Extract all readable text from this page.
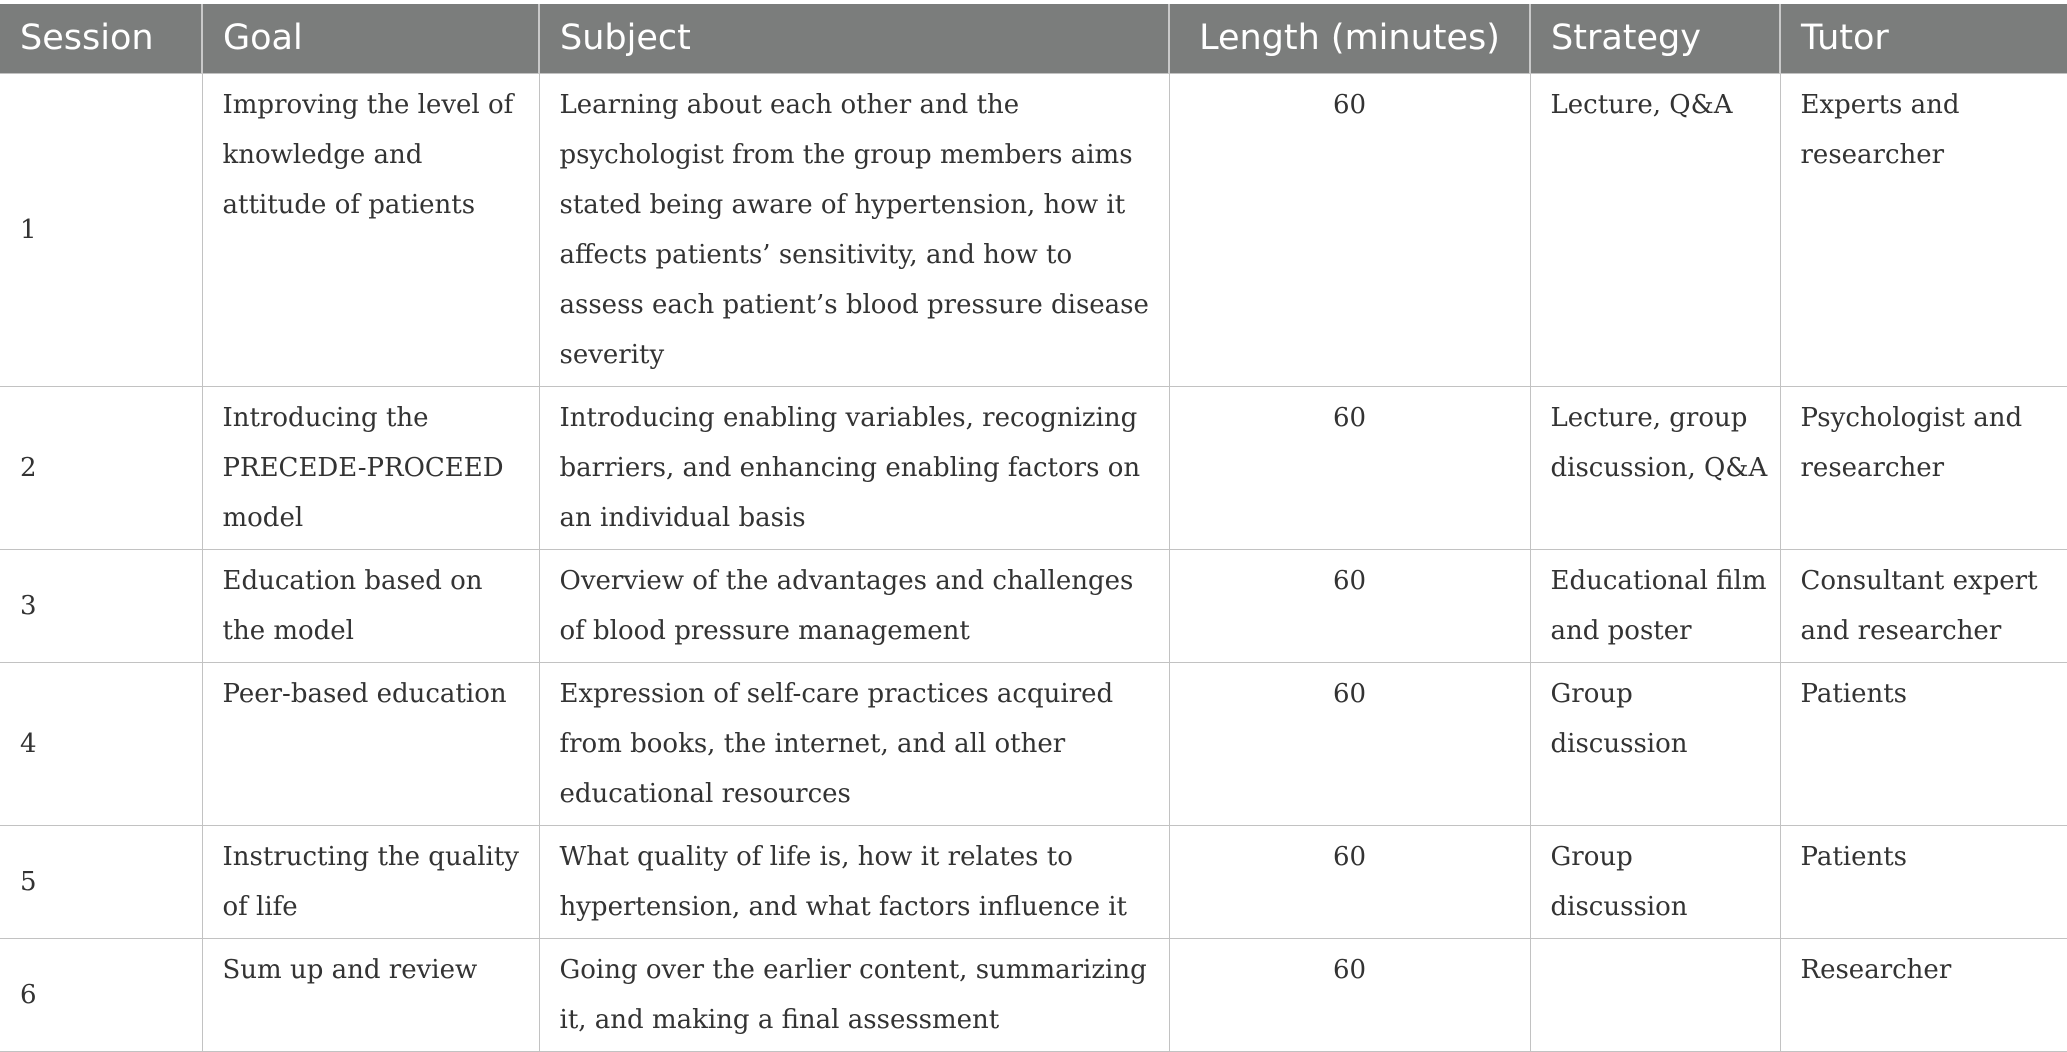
Session	Goal	Subject	Length (minutes)	Strategy	Tutor
1	Improving the level of knowledge and attitude of patients	Learning about each other and the psychologist from the group members aims stated being aware of hypertension, how it affects patients’ sensitivity, and how to assess each patient’s blood pressure disease severity	60	Lecture, Q&A	Experts and researcher
2	Introducing the PRECEDE-PROCEED model	Introducing enabling variables, recognizing barriers, and enhancing enabling factors on an individual basis	60	Lecture, group discussion, Q&A	Psychologist and researcher
3	Education based on the model	Overview of the advantages and challenges of blood pressure management	60	Educational film and poster	Consultant expert and researcher
4	Peer-based education	Expression of self-care practices acquired from books, the internet, and all other educational resources	60	Group discussion	Patients
5	Instructing the quality of life	What quality of life is, how it relates to hypertension, and what factors influence it	60	Group discussion	Patients
6	Sum up and review	Going over the earlier content, summarizing it, and making a final assessment	60		Researcher
